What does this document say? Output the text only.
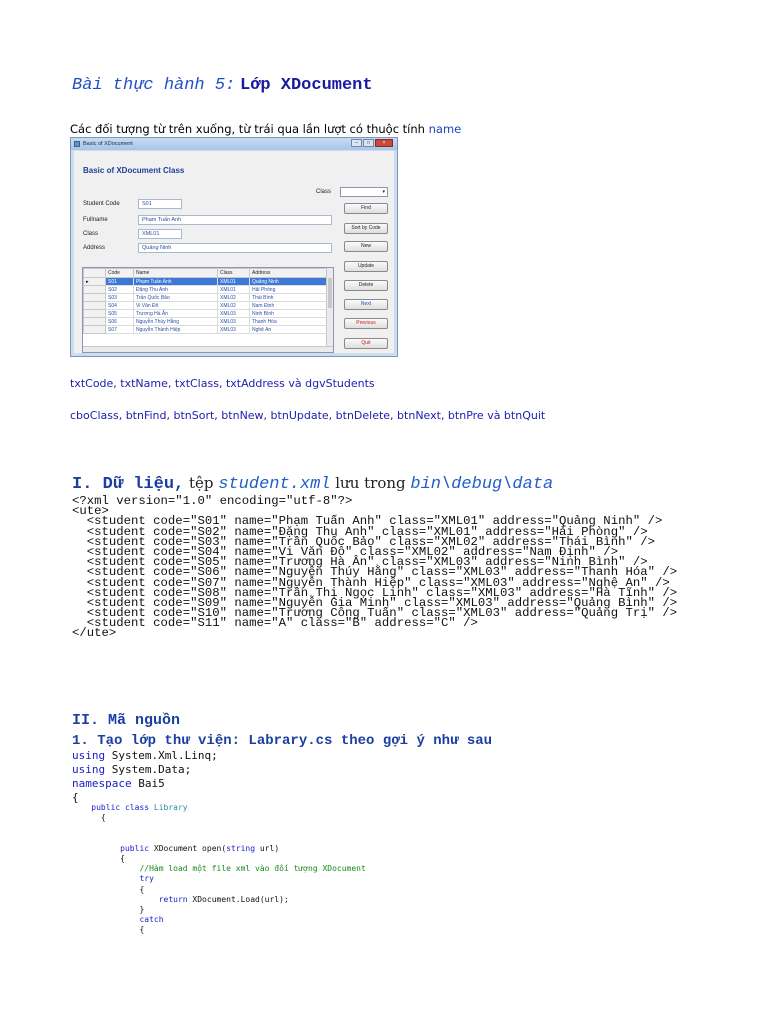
Bài thực hành 5: Lớp XDocument
Các đối tượng từ trên xuống, từ trái qua lần lượt có thuộc tính name
Basic of XDocument	–	□	×
Basic of XDocument Class
Class	▾
Student Code	S01
Fullname	Phạm Tuấn Anh
Class	XML01
Address	Quảng Ninh
Find
Sort by Code
New
Update
Delete
Next
Previous
Quit
	Code	Name	Class	Address
▸	S01	Phạm Tuấn Anh	XML01	Quảng Ninh
	S02	Đặng Thu Anh	XML01	Hải Phòng
	S03	Trần Quốc Bảo	XML02	Thái Bình
	S04	Vi Văn Đô	XML02	Nam Định
	S05	Trương Hà Ân	XML03	Ninh Bình
	S06	Nguyễn Thúy Hằng	XML03	Thanh Hóa
	S07	Nguyễn Thành Hiệp	XML03	Nghệ An
txtCode, txtName, txtClass, txtAddress và dgvStudents
cboClass, btnFind, btnSort, btnNew, btnUpdate, btnDelete, btnNext, btnPre và btnQuit
I. Dữ liệu, tệp student.xml lưu trong bin\debug\data
<?xml version="1.0" encoding="utf-8"?>
<ute>
<student code="S01" name="Phạm Tuấn Anh" class="XML01" address="Quảng Ninh" />
<student code="S02" name="Đặng Thu Anh" class="XML01" address="Hải Phòng" />
<student code="S03" name="Trần Quốc Bảo" class="XML02" address="Thái Bình" />
<student code="S04" name="Vi Văn Đô" class="XML02" address="Nam Định" />
<student code="S05" name="Trương Hà Ân" class="XML03" address="Ninh Bình" />
<student code="S06" name="Nguyễn Thúy Hằng" class="XML03" address="Thanh Hóa" />
<student code="S07" name="Nguyễn Thành Hiệp" class="XML03" address="Nghệ An" />
<student code="S08" name="Trần Thị Ngọc Linh" class="XML03" address="Hà Tĩnh" />
<student code="S09" name="Nguyễn Gia Minh" class="XML03" address="Quảng Bình" />
<student code="S10" name="Trương Công Tuấn" class="XML03" address="Quảng Trị" />
<student code="S11" name="A" class="B" address="C" />
</ute>
II. Mã nguồn
1. Tạo lớp thư viện: Labrary.cs theo gợi ý như sau
using System.Xml.Linq;
using System.Data;
namespace Bai5
{
public class Library
{
public XDocument open(string url)
{
//Hàm load một file xml vào đối tượng XDocument
try
{
return XDocument.Load(url);
}
catch
{
